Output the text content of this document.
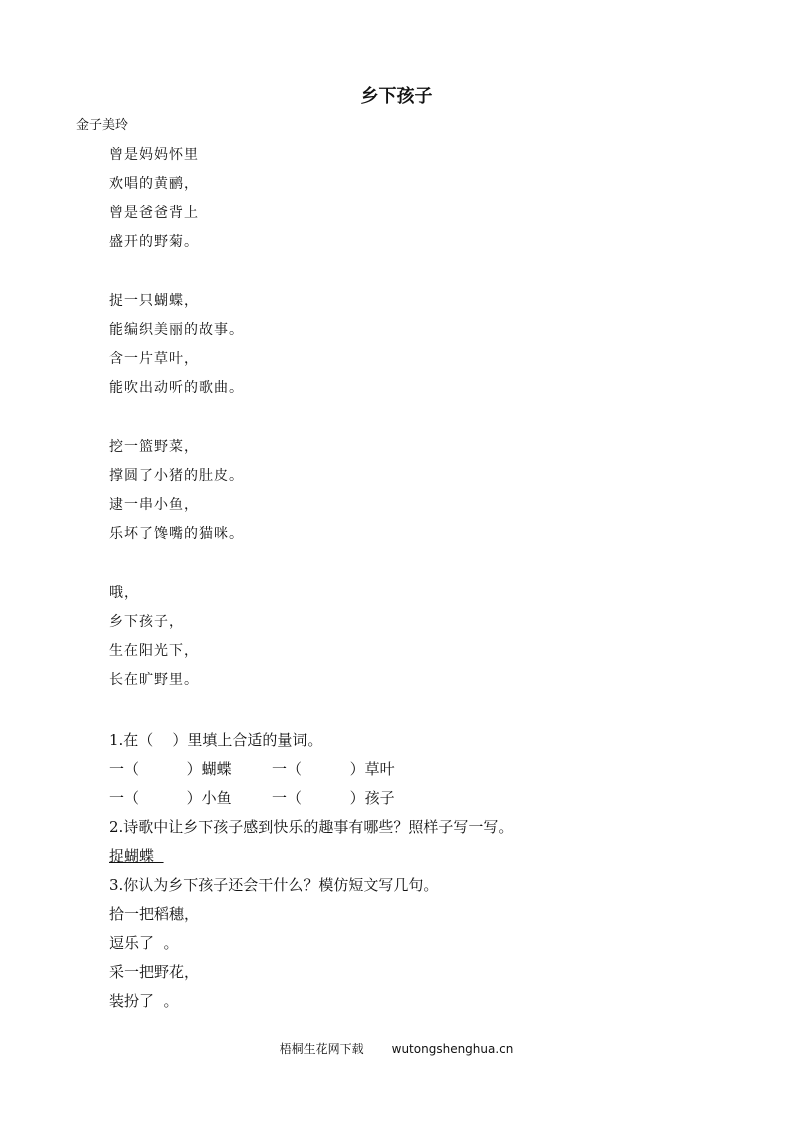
乡下孩子
金子美玲
曾是妈妈怀里
欢唱的黄鹂，
曾是爸爸背上
盛开的野菊。
捉一只蝴蝶，
能编织美丽的故事。
含一片草叶，
能吹出动听的歌曲。
挖一篮野菜，
撑圆了小猪的肚皮。
逮一串小鱼，
乐坏了馋嘴的猫咪。
哦，
乡下孩子，
生在阳光下，
长在旷野里。
1.在（    ）里填上合适的量词。
一（          ）蝴蝶	一（          ）草叶
一（          ）小鱼	一（          ）孩子
2.诗歌中让乡下孩子感到快乐的趣事有哪些？照样子写一写。
捉蝴蝶
3.你认为乡下孩子还会干什么？模仿短文写几句。
拾一把稻穗，
逗乐了  。
采一把野花，
装扮了  。
梧桐生花网下载 wutongshenghua.cn
